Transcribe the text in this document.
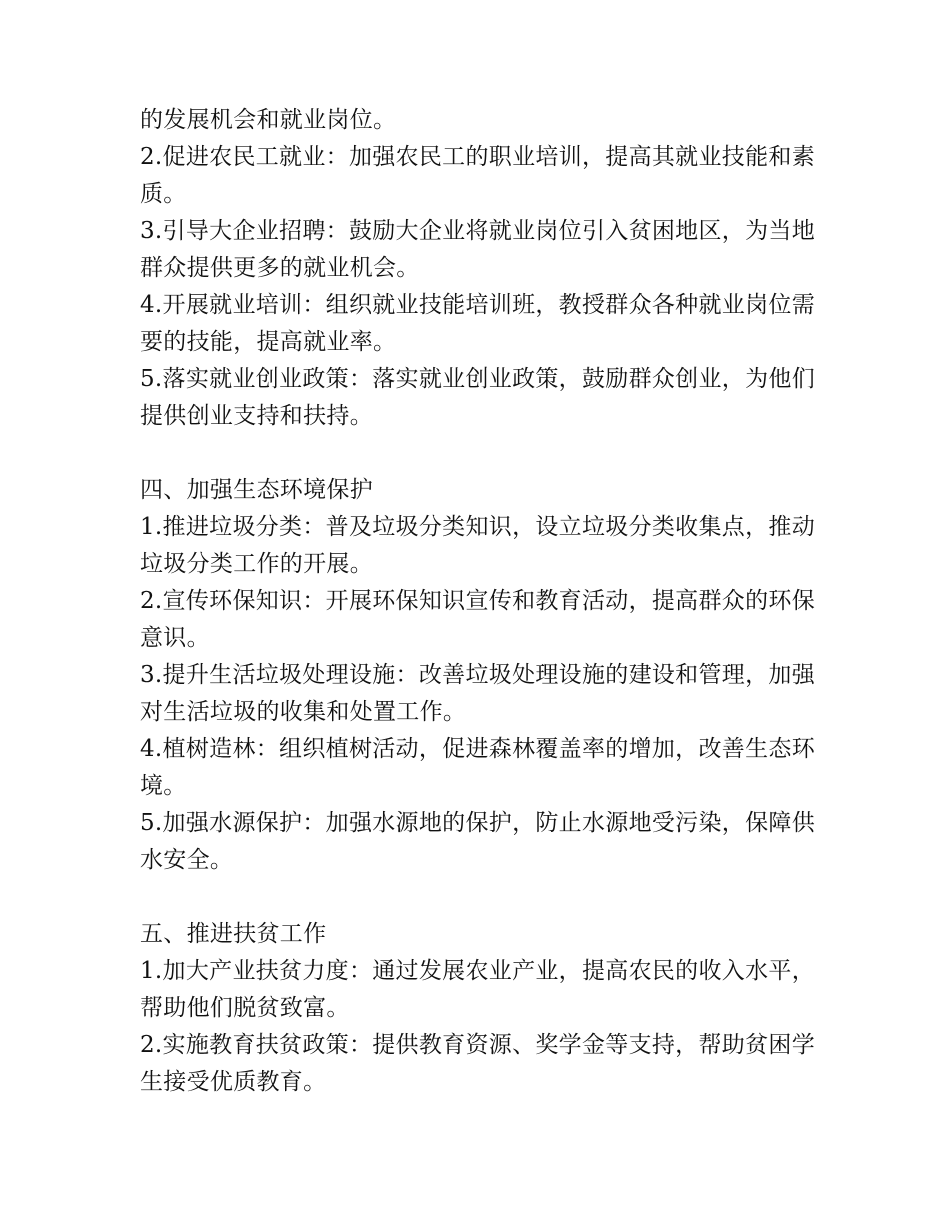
的发展机会和就业岗位。

2.促进农民工就业：加强农民工的职业培训，提高其就业技能和素质。

3.引导大企业招聘：鼓励大企业将就业岗位引入贫困地区，为当地群众提供更多的就业机会。

4.开展就业培训：组织就业技能培训班，教授群众各种就业岗位需要的技能，提高就业率。

5.落实就业创业政策：落实就业创业政策，鼓励群众创业，为他们提供创业支持和扶持。

四、加强生态环境保护

1.推进垃圾分类：普及垃圾分类知识，设立垃圾分类收集点，推动垃圾分类工作的开展。

2.宣传环保知识：开展环保知识宣传和教育活动，提高群众的环保意识。

3.提升生活垃圾处理设施：改善垃圾处理设施的建设和管理，加强对生活垃圾的收集和处置工作。

4.植树造林：组织植树活动，促进森林覆盖率的增加，改善生态环境。

5.加强水源保护：加强水源地的保护，防止水源地受污染，保障供水安全。

五、推进扶贫工作

1.加大产业扶贫力度：通过发展农业产业，提高农民的收入水平，帮助他们脱贫致富。

2.实施教育扶贫政策：提供教育资源、奖学金等支持，帮助贫困学生接受优质教育。
